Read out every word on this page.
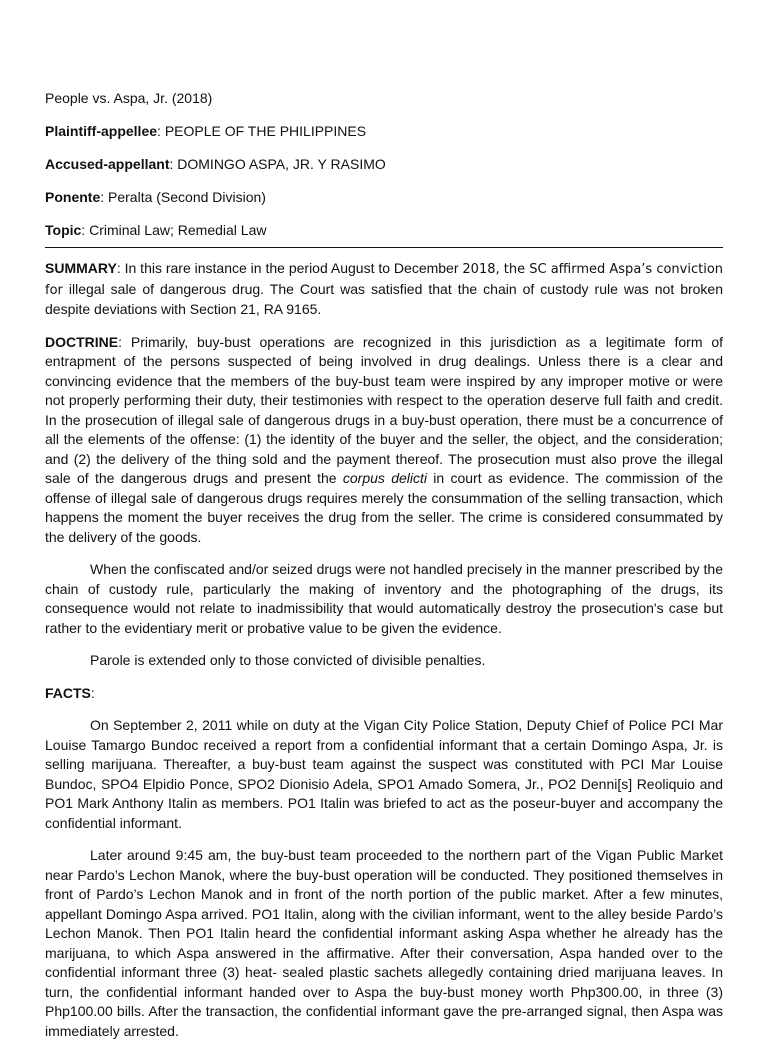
People vs. Aspa, Jr. (2018)
Plaintiff-appellee: PEOPLE OF THE PHILIPPINES
Accused-appellant: DOMINGO ASPA, JR. Y RASIMO
Ponente: Peralta (Second Division)
Topic: Criminal Law; Remedial Law

SUMMARY: In this rare instance in the period August to December 2018, the SC affirmed Aspa’s conviction for illegal sale of dangerous drug. The Court was satisfied that the chain of custody rule was not broken despite deviations with Section 21, RA 9165.

DOCTRINE: Primarily, buy-bust operations are recognized in this jurisdiction as a legitimate form of entrapment of the persons suspected of being involved in drug dealings. Unless there is a clear and convincing evidence that the members of the buy-bust team were inspired by any improper motive or were not properly performing their duty, their testimonies with respect to the operation deserve full faith and credit. In the prosecution of illegal sale of dangerous drugs in a buy-bust operation, there must be a concurrence of all the elements of the offense: (1) the identity of the buyer and the seller, the object, and the consideration; and (2) the delivery of the thing sold and the payment thereof. The prosecution must also prove the illegal sale of the dangerous drugs and present the corpus delicti in court as evidence. The commission of the offense of illegal sale of dangerous drugs requires merely the consummation of the selling transaction, which happens the moment the buyer receives the drug from the seller. The crime is considered consummated by the delivery of the goods.

When the confiscated and/or seized drugs were not handled precisely in the manner prescribed by the chain of custody rule, particularly the making of inventory and the photographing of the drugs, its consequence would not relate to inadmissibility that would automatically destroy the prosecution's case but rather to the evidentiary merit or probative value to be given the evidence.

Parole is extended only to those convicted of divisible penalties.

FACTS:

On September 2, 2011 while on duty at the Vigan City Police Station, Deputy Chief of Police PCI Mar Louise Tamargo Bundoc received a report from a confidential informant that a certain Domingo Aspa, Jr. is selling marijuana. Thereafter, a buy-bust team against the suspect was constituted with PCI Mar Louise Bundoc, SPO4 Elpidio Ponce, SPO2 Dionisio Adela, SPO1 Amado Somera, Jr., PO2 Denni[s] Reoliquio and PO1 Mark Anthony Italin as members. PO1 Italin was briefed to act as the poseur-buyer and accompany the confidential informant.

Later around 9:45 am, the buy-bust team proceeded to the northern part of the Vigan Public Market near Pardo’s Lechon Manok, where the buy-bust operation will be conducted. They positioned themselves in front of Pardo’s Lechon Manok and in front of the north portion of the public market. After a few minutes, appellant Domingo Aspa arrived. PO1 Italin, along with the civilian informant, went to the alley beside Pardo’s Lechon Manok. Then PO1 Italin heard the confidential informant asking Aspa whether he already has the marijuana, to which Aspa answered in the affirmative. After their conversation, Aspa handed over to the confidential informant three (3) heat- sealed plastic sachets allegedly containing dried marijuana leaves. In turn, the confidential informant handed over to Aspa the buy-bust money worth Php300.00, in three (3) Php100.00 bills. After the transaction, the confidential informant gave the pre-arranged signal, then Aspa was immediately arrested.
